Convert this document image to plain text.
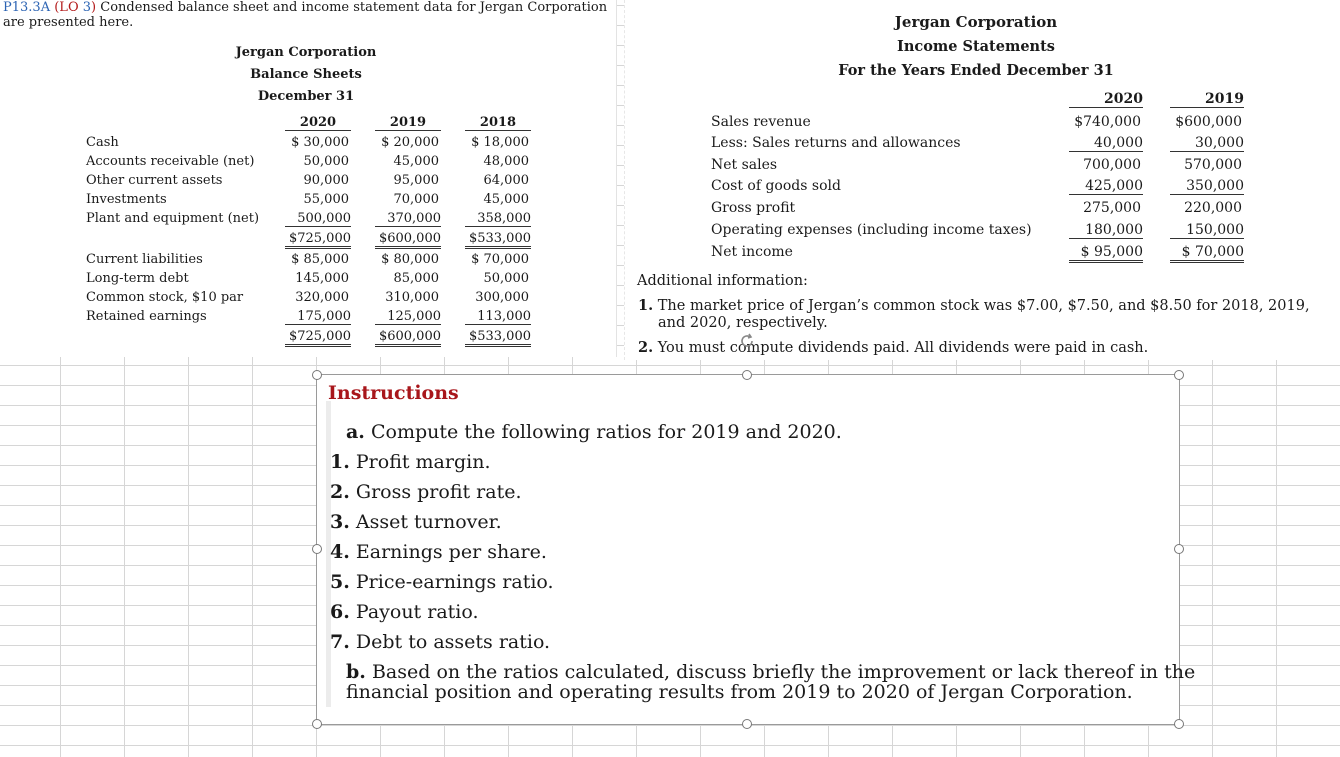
P13.3A (LO 3) Condensed balance sheet and income statement data for Jergan Corporation
are presented here.
Jergan Corporation
Balance Sheets
December 31
2020	2019	2018
Cash	$ 30,000	$ 20,000	$ 18,000
Accounts receivable (net)	50,000	45,000	48,000
Other current assets	90,000	95,000	64,000
Investments	55,000	70,000	45,000
Plant and equipment (net)	500,000	370,000	358,000
$725,000	$600,000	$533,000
Current liabilities	$ 85,000	$ 80,000	$ 70,000
Long-term debt	145,000	85,000	50,000
Common stock, $10 par	320,000	310,000	300,000
Retained earnings	175,000	125,000	113,000
$725,000	$600,000	$533,000
Jergan Corporation
Income Statements
For the Years Ended December 31
2020	2019
Sales revenue	$740,000	$600,000
Less: Sales returns and allowances	40,000	30,000
Net sales	700,000	570,000
Cost of goods sold	425,000	350,000
Gross profit	275,000	220,000
Operating expenses (including income taxes)	180,000	150,000
Net income	$ 95,000	$ 70,000
Additional information:
1. The market price of Jergan’s common stock was $7.00, $7.50, and $8.50 for 2018, 2019,
and 2020, respectively.
2. You must compute dividends paid. All dividends were paid in cash.
Instructions
a. Compute the following ratios for 2019 and 2020.
1. Profit margin.
2. Gross profit rate.
3. Asset turnover.
4. Earnings per share.
5. Price-earnings ratio.
6. Payout ratio.
7. Debt to assets ratio.
b. Based on the ratios calculated, discuss briefly the improvement or lack thereof in the
financial position and operating results from 2019 to 2020 of Jergan Corporation.
